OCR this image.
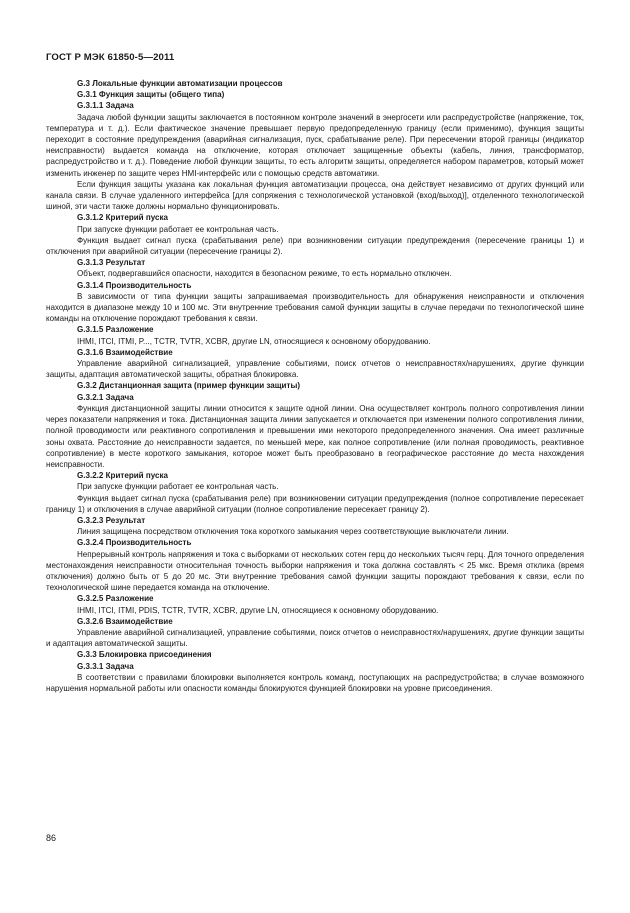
ГОСТ Р МЭК 61850-5—2011
G.3 Локальные функции автоматизации процессов
G.3.1 Функция защиты (общего типа)
G.3.1.1 Задача

Задача любой функции защиты заключается в постоянном контроле значений в энергосети или распредустройстве (напряжение, ток, температура и т. д.). Если фактическое значение превышает первую предопределенную границу (если применимо), функция защиты переходит в состояние предупреждения (аварийная сигнализация, пуск, срабатывание реле). При пересечении второй границы (индикатор неисправности) выдается команда на отключение, которая отключает защищенные объекты (кабель, линия, трансформатор, распредустройство и т. д.). Поведение любой функции защиты, то есть алгоритм защиты, определяется набором параметров, который может изменить инженер по защите через HMI-интерфейс или с помощью средств автоматики.

Если функция защиты указана как локальная функция автоматизации процесса, она действует независимо от других функций или канала связи. В случае удаленного интерфейса [для сопряжения с технологической установкой (вход/выход)], отделенного технологической шиной, эти части также должны нормально функционировать.

G.3.1.2 Критерий пуска

При запуске функции работает ее контрольная часть.

Функция выдает сигнал пуска (срабатывания реле) при возникновении ситуации предупреждения (пересечение границы 1) и отключения при аварийной ситуации (пересечение границы 2).

G.3.1.3 Результат

Объект, подвергавшийся опасности, находится в безопасном режиме, то есть нормально отключен.

G.3.1.4 Производительность

В зависимости от типа функции защиты запрашиваемая производительность для обнаружения неисправности и отключения находится в диапазоне между 10 и 100 мс. Эти внутренние требования самой функции защиты в случае передачи по технологической шине команды на отключение порождают требования к связи.

G.3.1.5 Разложение

IHMI, ITCI, ITMI, P..., TCTR, TVTR, XCBR, другие LN, относящиеся к основному оборудованию.

G.3.1.6 Взаимодействие

Управление аварийной сигнализацией, управление событиями, поиск отчетов о неисправностях/нарушениях, другие функции защиты, адаптация автоматической защиты, обратная блокировка.

G.3.2 Дистанционная защита (пример функции защиты)
G.3.2.1 Задача

Функция дистанционной защиты линии относится к защите одной линии. Она осуществляет контроль полного сопротивления линии через показатели напряжения и тока. Дистанционная защита линии запускается и отключается при изменении полного сопротивления линии, полной проводимости или реактивного сопротивления и превышении ими некоторого предопределенного значения. Она имеет различные зоны охвата. Расстояние до неисправности задается, по меньшей мере, как полное сопротивление (или полная проводимость, реактивное сопротивление) в месте короткого замыкания, которое может быть преобразовано в географическое расстояние до места нахождения неисправности.

G.3.2.2 Критерий пуска

При запуске функции работает ее контрольная часть.

Функция выдает сигнал пуска (срабатывания реле) при возникновении ситуации предупреждения (полное сопротивление пересекает границу 1) и отключения в случае аварийной ситуации (полное сопротивление пересекает границу 2).

G.3.2.3 Результат

Линия защищена посредством отключения тока короткого замыкания через соответствующие выключатели линии.

G.3.2.4 Производительность

Непрерывный контроль напряжения и тока с выборками от нескольких сотен герц до нескольких тысяч герц. Для точного определения местонахождения неисправности относительная точность выборки напряжения и тока должна составлять < 25 мкс. Время отклика (время отключения) должно быть от 5 до 20 мс. Эти внутренние требования самой функции защиты порождают требования к связи, если по технологической шине передается команда на отключение.

G.3.2.5 Разложение

IHMI, ITCI, ITMI, PDIS, TCTR, TVTR, XCBR, другие LN, относящиеся к основному оборудованию.

G.3.2.6 Взаимодействие

Управление аварийной сигнализацией, управление событиями, поиск отчетов о неисправностях/нарушениях, другие функции защиты и адаптация автоматической защиты.

G.3.3 Блокировка присоединения
G.3.3.1 Задача

В соответствии с правилами блокировки выполняется контроль команд, поступающих на распредустройства; в случае возможного нарушения нормальной работы или опасности команды блокируются функцией блокировки на уровне присоединения.

86
